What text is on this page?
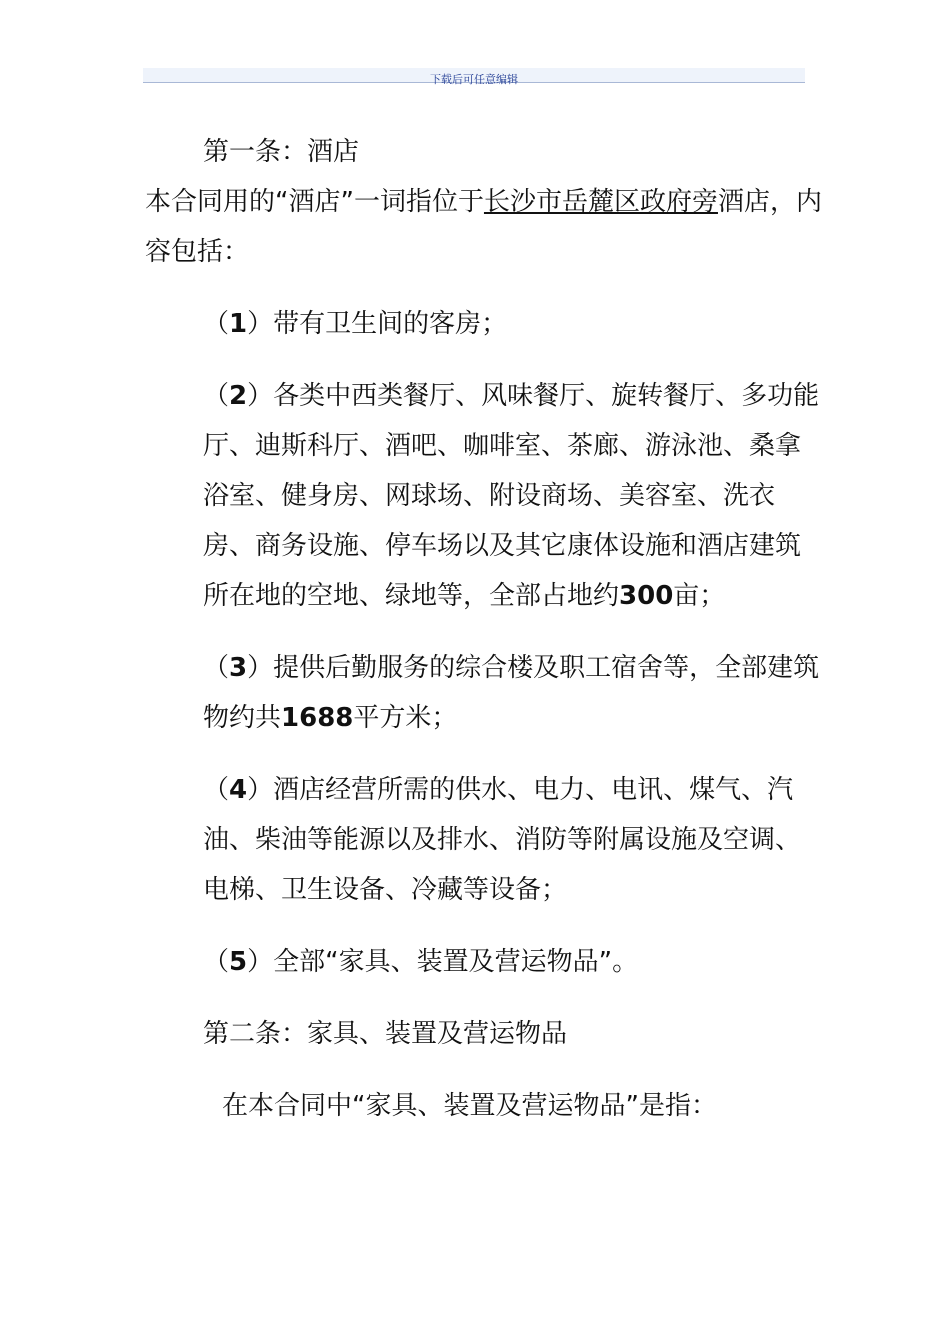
下载后可任意编辑

第一条：酒店

本合同用的“酒店”一词指位于长沙市岳麓区政府旁酒店，内容包括：

（1）带有卫生间的客房；

（2）各类中西类餐厅、风味餐厅、旋转餐厅、多功能厅、迪斯科厅、酒吧、咖啡室、茶廊、游泳池、桑拿浴室、健身房、网球场、附设商场、美容室、洗衣房、商务设施、停车场以及其它康体设施和酒店建筑所在地的空地、绿地等，全部占地约300亩；

（3）提供后勤服务的综合楼及职工宿舍等，全部建筑物约共1688平方米；

（4）酒店经营所需的供水、电力、电讯、煤气、汽油、柴油等能源以及排水、消防等附属设施及空调、电梯、卫生设备、冷藏等设备；

（5）全部“家具、装置及营运物品”。

第二条：家具、装置及营运物品

在本合同中“家具、装置及营运物品”是指：
